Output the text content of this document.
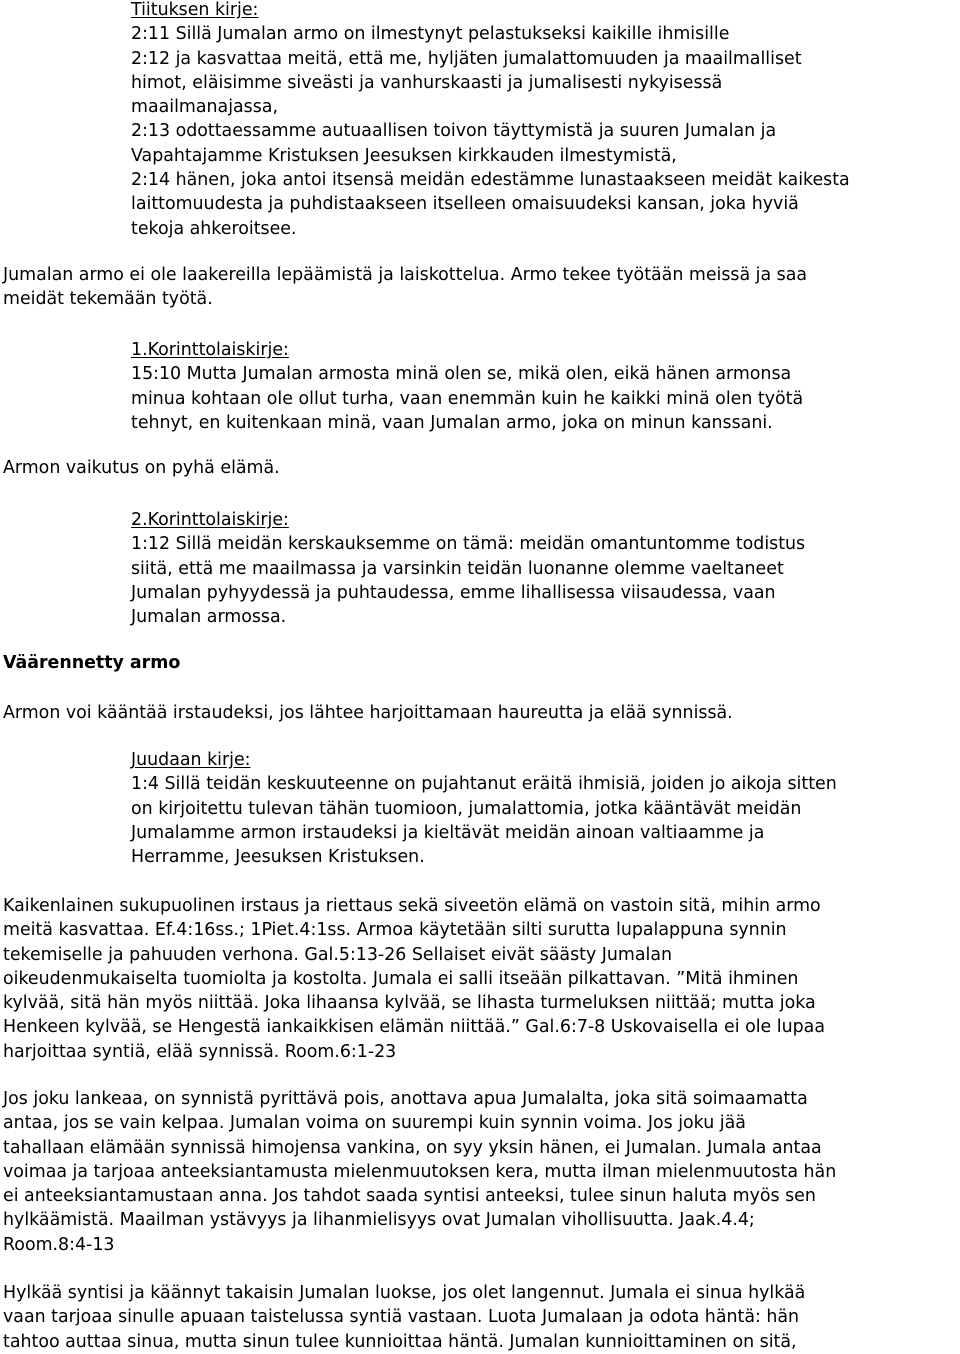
Tiituksen kirje:
2:11 Sillä Jumalan armo on ilmestynyt pelastukseksi kaikille ihmisille
2:12 ja kasvattaa meitä, että me, hyljäten jumalattomuuden ja maailmalliset
himot, eläisimme siveästi ja vanhurskaasti ja jumalisesti nykyisessä
maailmanajassa,
2:13 odottaessamme autuaallisen toivon täyttymistä ja suuren Jumalan ja
Vapahtajamme Kristuksen Jeesuksen kirkkauden ilmestymistä,
2:14 hänen, joka antoi itsensä meidän edestämme lunastaakseen meidät kaikesta
laittomuudesta ja puhdistaakseen itselleen omaisuudeksi kansan, joka hyviä
tekoja ahkeroitsee.
Jumalan armo ei ole laakereilla lepäämistä ja laiskottelua. Armo tekee työtään meissä ja saa
meidät tekemään työtä.
1.Korinttolaiskirje:
15:10 Mutta Jumalan armosta minä olen se, mikä olen, eikä hänen armonsa
minua kohtaan ole ollut turha, vaan enemmän kuin he kaikki minä olen työtä
tehnyt, en kuitenkaan minä, vaan Jumalan armo, joka on minun kanssani.
Armon vaikutus on pyhä elämä.
2.Korinttolaiskirje:
1:12 Sillä meidän kerskauksemme on tämä: meidän omantuntomme todistus
siitä, että me maailmassa ja varsinkin teidän luonanne olemme vaeltaneet
Jumalan pyhyydessä ja puhtaudessa, emme lihallisessa viisaudessa, vaan
Jumalan armossa.
Väärennetty armo
Armon voi kääntää irstaudeksi, jos lähtee harjoittamaan haureutta ja elää synnissä.
Juudaan kirje:
1:4 Sillä teidän keskuuteenne on pujahtanut eräitä ihmisiä, joiden jo aikoja sitten
on kirjoitettu tulevan tähän tuomioon, jumalattomia, jotka kääntävät meidän
Jumalamme armon irstaudeksi ja kieltävät meidän ainoan valtiaamme ja
Herramme, Jeesuksen Kristuksen.
Kaikenlainen sukupuolinen irstaus ja riettaus sekä siveetön elämä on vastoin sitä, mihin armo
meitä kasvattaa. Ef.4:16ss.; 1Piet.4:1ss. Armoa käytetään silti surutta lupalappuna synnin
tekemiselle ja pahuuden verhona. Gal.5:13-26 Sellaiset eivät säästy Jumalan
oikeudenmukaiselta tuomiolta ja kostolta. Jumala ei salli itseään pilkattavan. ”Mitä ihminen
kylvää, sitä hän myös niittää. Joka lihaansa kylvää, se lihasta turmeluksen niittää; mutta joka
Henkeen kylvää, se Hengestä iankaikkisen elämän niittää.” Gal.6:7-8 Uskovaisella ei ole lupaa
harjoittaa syntiä, elää synnissä. Room.6:1-23
Jos joku lankeaa, on synnistä pyrittävä pois, anottava apua Jumalalta, joka sitä soimaamatta
antaa, jos se vain kelpaa. Jumalan voima on suurempi kuin synnin voima. Jos joku jää
tahallaan elämään synnissä himojensa vankina, on syy yksin hänen, ei Jumalan. Jumala antaa
voimaa ja tarjoaa anteeksiantamusta mielenmuutoksen kera, mutta ilman mielenmuutosta hän
ei anteeksiantamustaan anna. Jos tahdot saada syntisi anteeksi, tulee sinun haluta myös sen
hylkäämistä. Maailman ystävyys ja lihanmielisyys ovat Jumalan vihollisuutta. Jaak.4.4;
Room.8:4-13
Hylkää syntisi ja käännyt takaisin Jumalan luokse, jos olet langennut. Jumala ei sinua hylkää
vaan tarjoaa sinulle apuaan taistelussa syntiä vastaan. Luota Jumalaan ja odota häntä: hän
tahtoo auttaa sinua, mutta sinun tulee kunnioittaa häntä. Jumalan kunnioittaminen on sitä,
